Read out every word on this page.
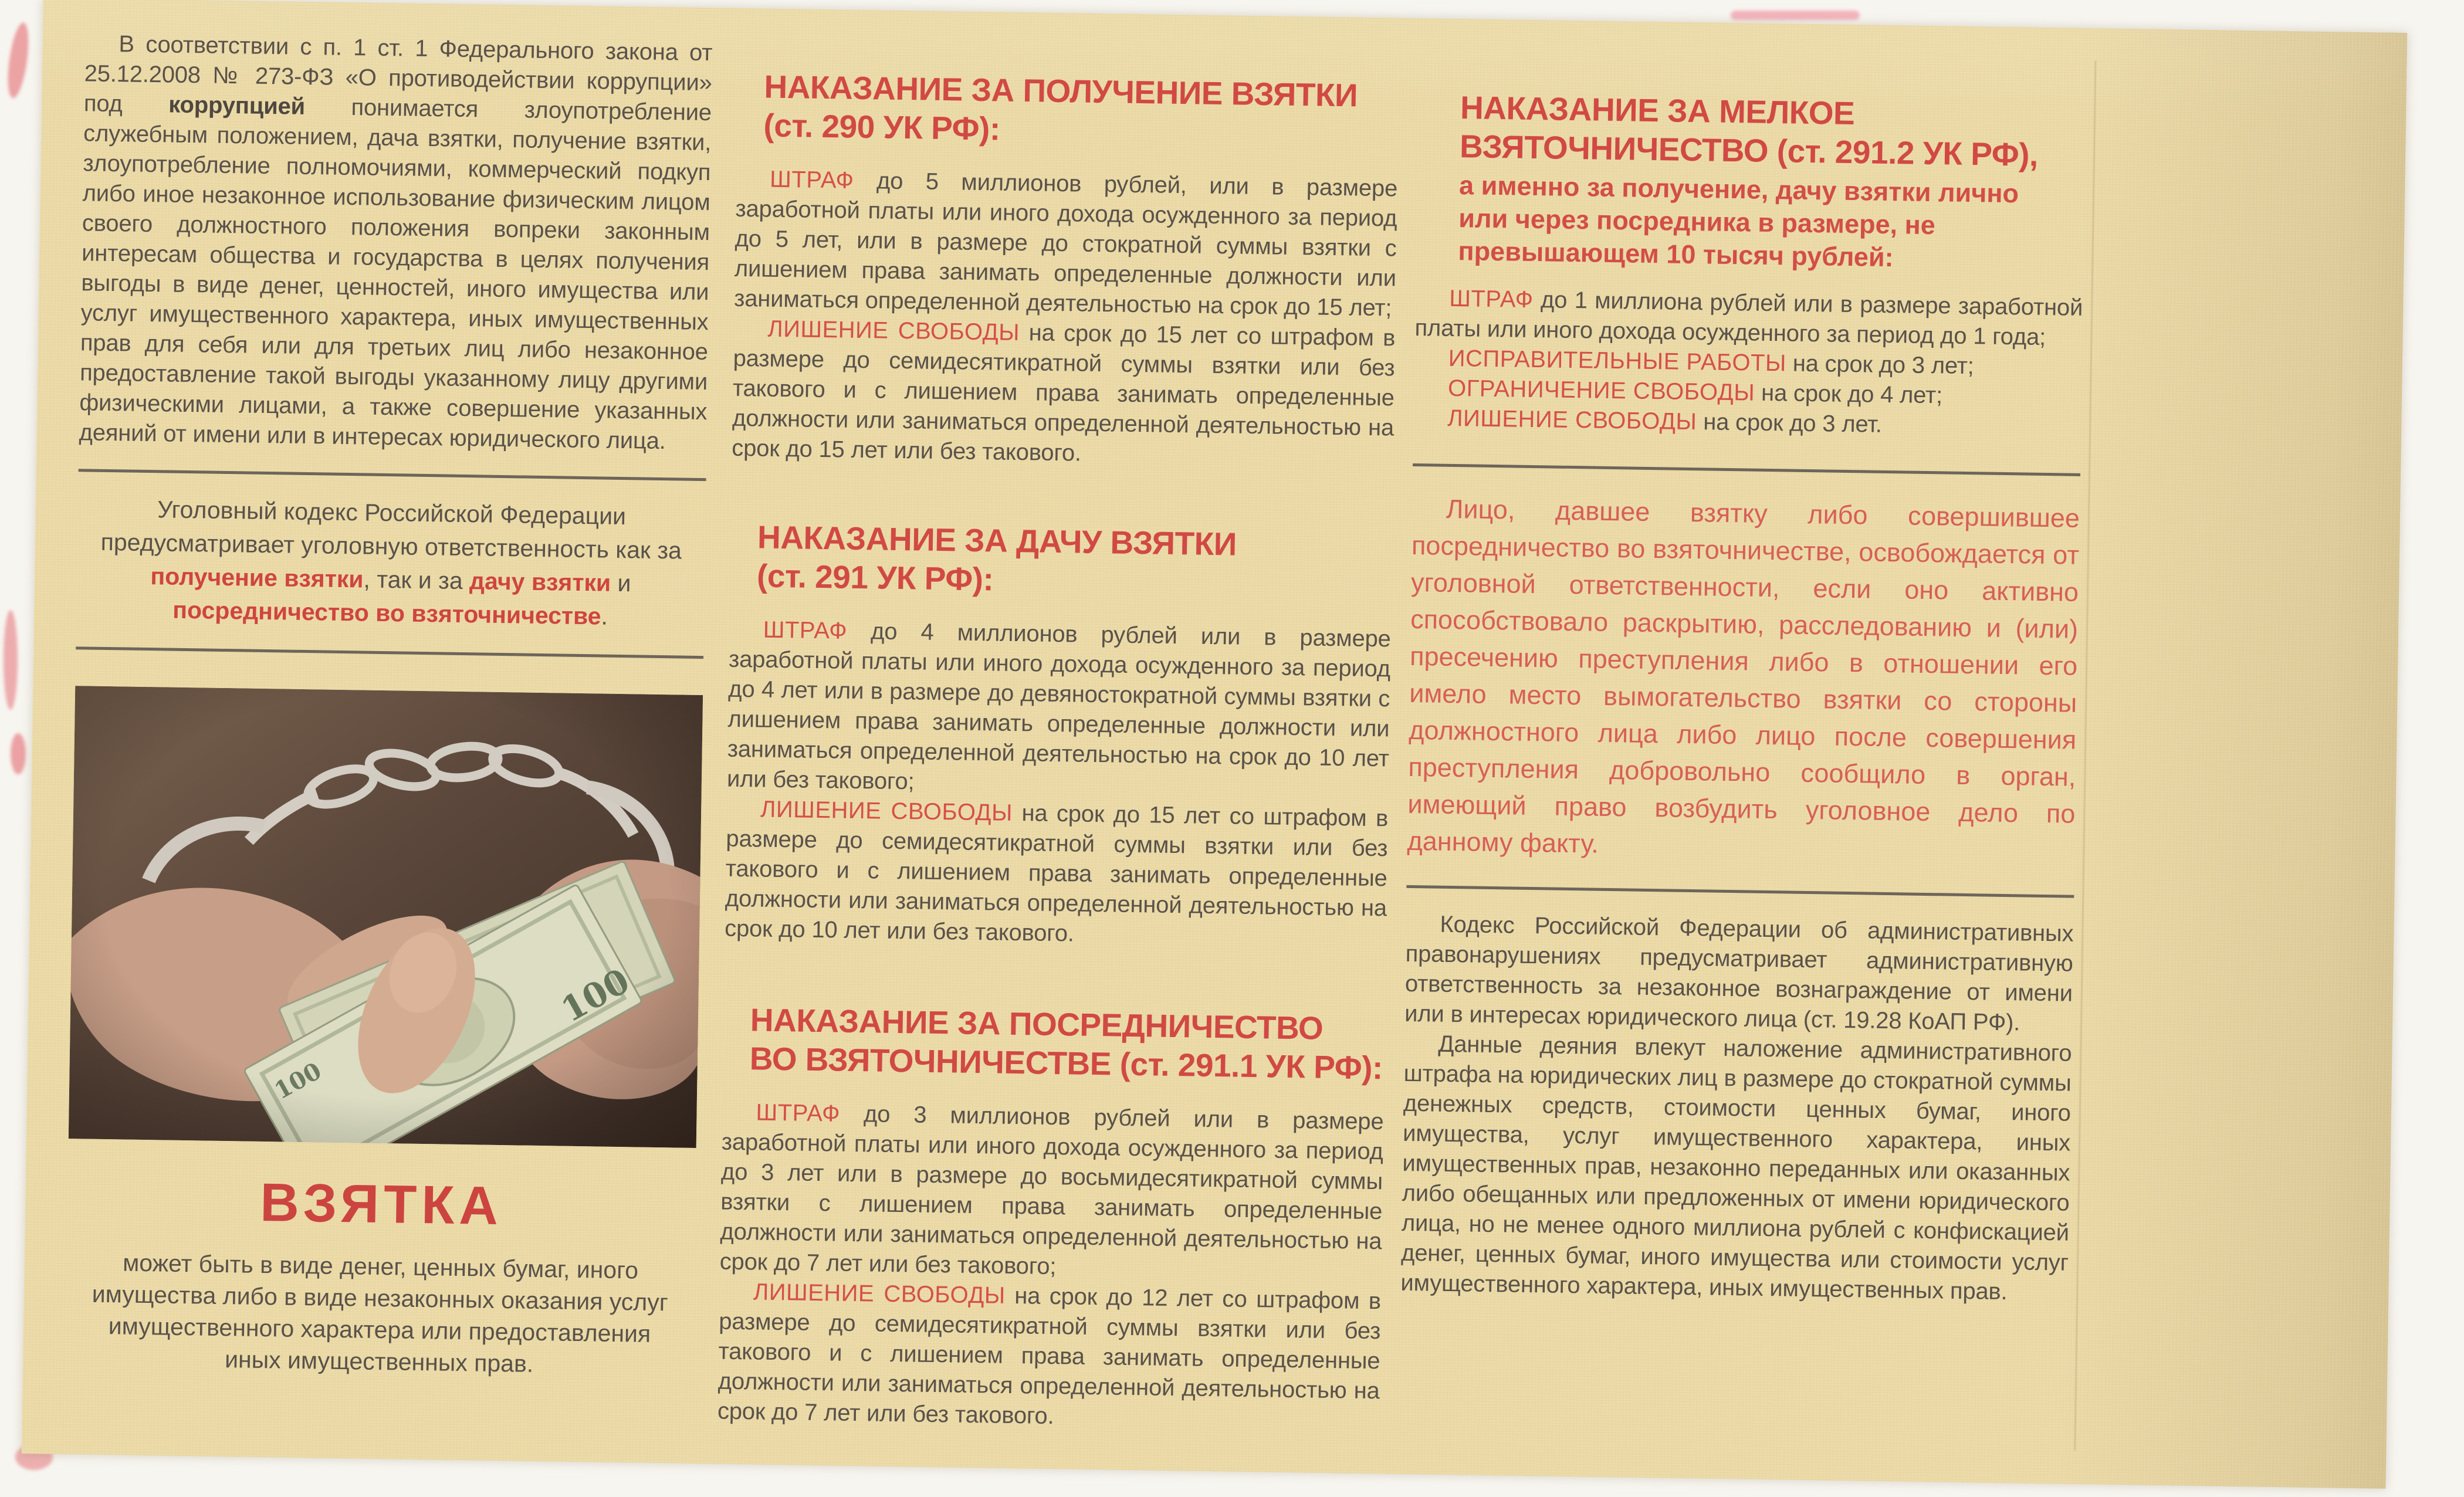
В соответствии с п. 1 ст. 1 Федерального закона от 25.12.2008 № 273-ФЗ «О противодействии коррупции» под коррупцией понимается злоупотребление служебным положением, дача взятки, получение взятки, злоупотребление полномочиями, коммерческий подкуп либо иное незаконное использование физическим лицом своего должностного положения вопреки законным интересам общества и государства в целях получения выгоды в виде денег, ценностей, иного имущества или услуг имущественного характера, иных имущественных прав для себя или для третьих лиц либо незаконное предоставление такой выгоды указанному лицу другими физическими лицами, а также совершение указанных деяний от имени или в интересах юридического лица.

Уголовный кодекс Российской Федерации предусматривает уголовную ответственность как за получение взятки, так и за дачу взятки и посредничество во взяточничестве.

ВЗЯТКА

может быть в виде денег, ценных бумаг, иного имущества либо в виде незаконных оказания услуг имущественного характера или предоставления иных имущественных прав.

НАКАЗАНИЕ ЗА ПОЛУЧЕНИЕ ВЗЯТКИ
(ст. 290 УК РФ):

ШТРАФ до 5 миллионов рублей, или в размере заработной платы или иного дохода осужденного за период до 5 лет, или в размере до стократной суммы взятки с лишением права занимать определенные должности или заниматься определенной деятельностью на срок до 15 лет;

ЛИШЕНИЕ СВОБОДЫ на срок до 15 лет со штрафом в размере до семидесятикратной суммы взятки или без такового и с лишением права занимать определенные должности или заниматься определенной деятельностью на срок до 15 лет или без такового.

НАКАЗАНИЕ ЗА ДАЧУ ВЗЯТКИ
(ст. 291 УК РФ):

ШТРАФ до 4 миллионов рублей или в размере заработной платы или иного дохода осужденного за период до 4 лет или в размере до девяностократной суммы взятки с лишением права занимать определенные должности или заниматься определенной деятельностью на срок до 10 лет или без такового;

ЛИШЕНИЕ СВОБОДЫ на срок до 15 лет со штрафом в размере до семидесятикратной суммы взятки или без такового и с лишением права занимать определенные должности или заниматься определенной деятельностью на срок до 10 лет или без такового.

НАКАЗАНИЕ ЗА ПОСРЕДНИЧЕСТВО
ВО ВЗЯТОЧНИЧЕСТВЕ (ст. 291.1 УК РФ):

ШТРАФ до 3 миллионов рублей или в размере заработной платы или иного дохода осужденного за период до 3 лет или в размере до восьмидесятикратной суммы взятки с лишением права занимать определенные должности или заниматься определенной деятельностью на срок до 7 лет или без такового;

ЛИШЕНИЕ СВОБОДЫ на срок до 12 лет со штрафом в размере до семидесятикратной суммы взятки или без такового и с лишением права занимать определенные должности или заниматься определенной деятельностью на срок до 7 лет или без такового.

НАКАЗАНИЕ ЗА МЕЛКОЕ
ВЗЯТОЧНИЧЕСТВО (ст. 291.2 УК РФ),
а именно за получение, дачу взятки лично или через посредника в размере, не превышающем 10 тысяч рублей:

ШТРАФ до 1 миллиона рублей или в размере заработной платы или иного дохода осужденного за период до 1 года;

ИСПРАВИТЕЛЬНЫЕ РАБОТЫ на срок до 3 лет;

ОГРАНИЧЕНИЕ СВОБОДЫ на срок до 4 лет;

ЛИШЕНИЕ СВОБОДЫ на срок до 3 лет.

Лицо, давшее взятку либо совершившее посредничество во взяточничестве, освобождается от уголовной ответственности, если оно активно способствовало раскрытию, расследованию и (или) пресечению преступления либо в отношении его имело место вымогательство взятки со стороны должностного лица либо лицо после совершения преступления добровольно сообщило в орган, имеющий право возбудить уголовное дело по данному факту.

Кодекс Российской Федерации об административных правонарушениях предусматривает административную ответственность за незаконное вознаграждение от имени или в интересах юридического лица (ст. 19.28 КоАП РФ).

Данные деяния влекут наложение административного штрафа на юридических лиц в размере до стократной суммы денежных средств, стоимости ценных бумаг, иного имущества, услуг имущественного характера, иных имущественных прав, незаконно переданных или оказанных либо обещанных или предложенных от имени юридического лица, но не менее одного миллиона рублей с конфискацией денег, ценных бумаг, иного имущества или стоимости услуг имущественного характера, иных имущественных прав.
